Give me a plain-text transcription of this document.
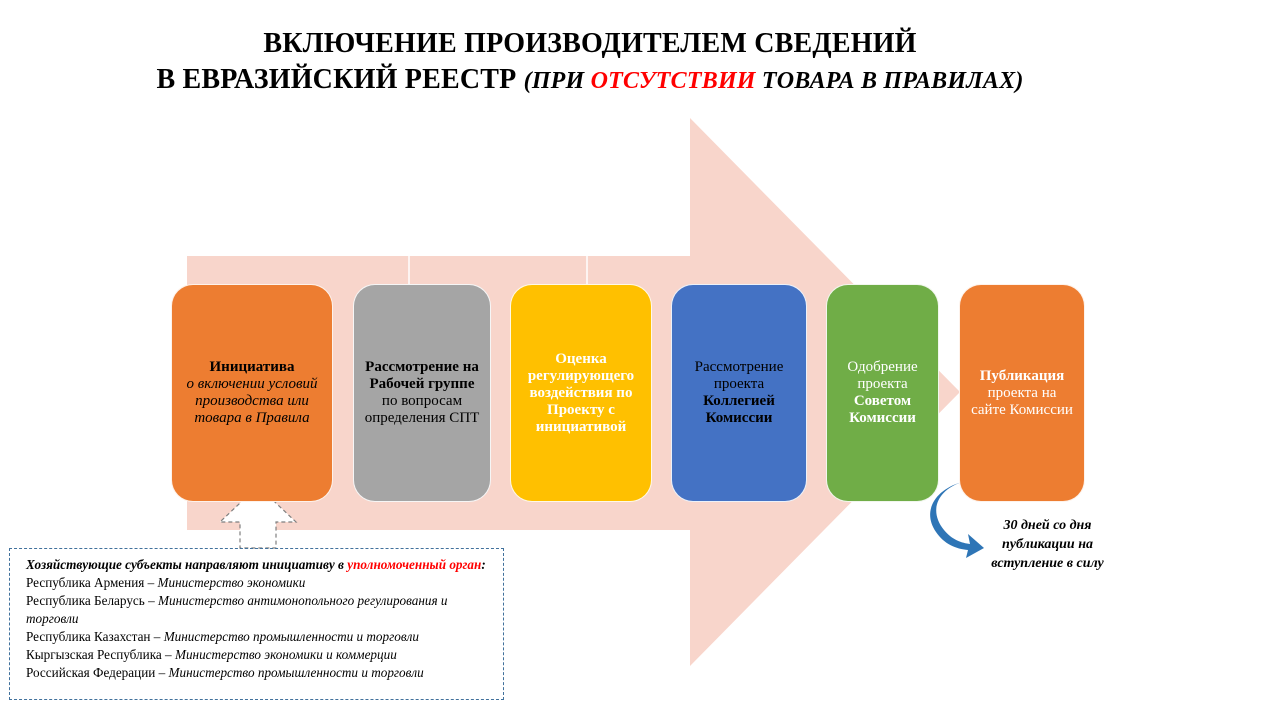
ВКЛЮЧЕНИЕ ПРОИЗВОДИТЕЛЕМ СВЕДЕНИЙ
В ЕВРАЗИЙСКИЙ РЕЕСТР (ПРИ ОТСУТСТВИИ ТОВАРА В ПРАВИЛАХ)
Инициатива
о включении условий производства или товара в Правила
Рассмотрение на Рабочей группе
по вопросам определения СПТ
Оценка регулирующего воздействия по Проекту с инициативой
Рассмотрение проекта
Коллегией Комиссии
Одобрение проекта
Советом Комиссии
Публикация
проекта на сайте Комиссии
Хозяйствующие субъекты направляют инициативу в уполномоченный орган:
Республика Армения – Министерство экономики
Республика Беларусь – Министерство антимонопольного регулирования и торговли
Республика Казахстан – Министерство промышленности и торговли
Кыргызская Республика – Министерство экономики и коммерции
Российская Федерации – Министерство промышленности и торговли
30 дней со дня публикации на вступление в силу
